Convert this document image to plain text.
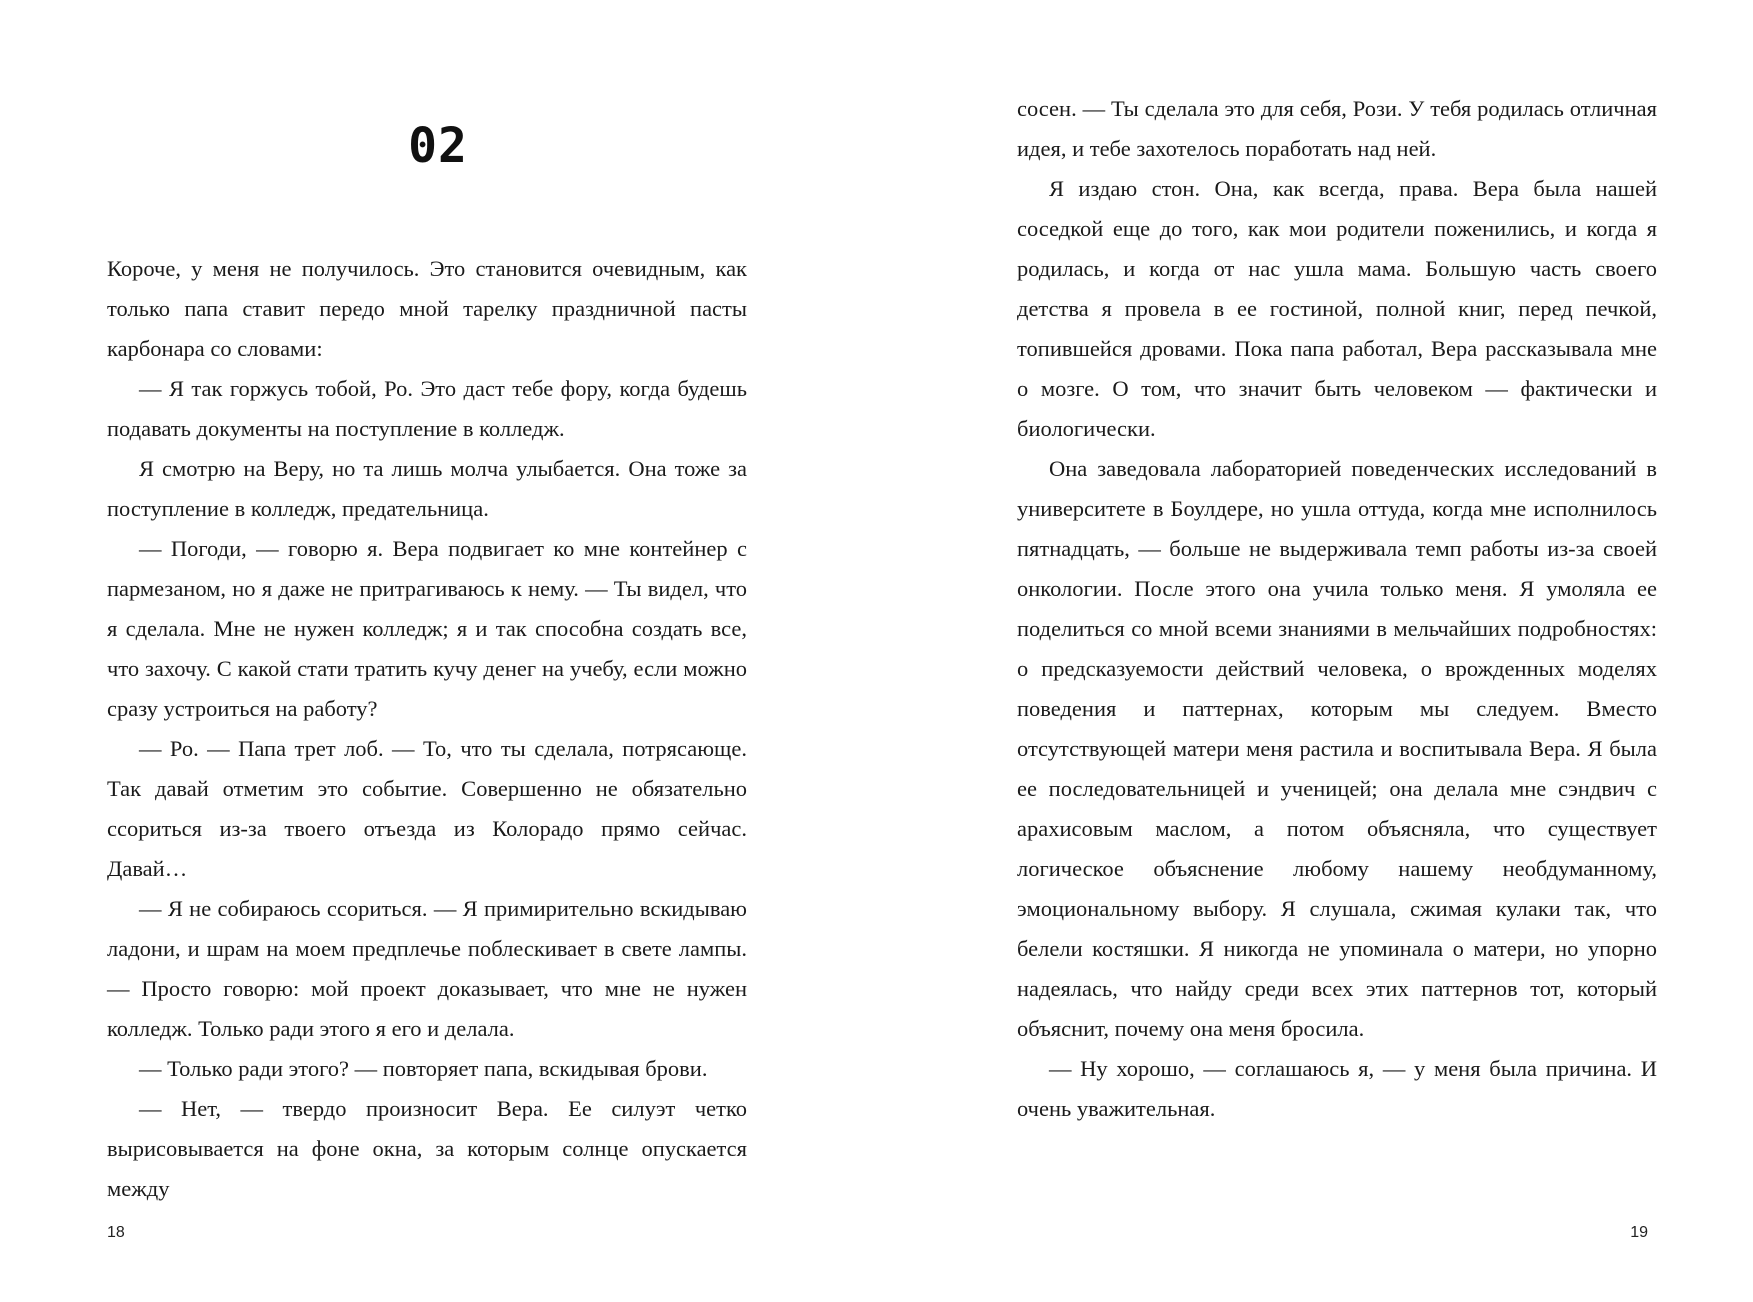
02

Короче, у меня не получилось. Это становится очевидным, как только папа ставит передо мной тарелку праздничной пасты карбонара со словами:

— Я так горжусь тобой, Ро. Это даст тебе фору, когда будешь подавать документы на поступление в колледж.

Я смотрю на Веру, но та лишь молча улыбается. Она тоже за поступление в колледж, предательница.

— Погоди, — говорю я. Вера подвигает ко мне контейнер с пармезаном, но я даже не притрагиваюсь к нему. — Ты видел, что я сделала. Мне не нужен колледж; я и так способна создать все, что захочу. С какой стати тратить кучу денег на учебу, если можно сразу устроиться на работу?

— Ро. — Папа трет лоб. — То, что ты сделала, потрясающе. Так давай отметим это событие. Совершенно не обязательно ссориться из-за твоего отъезда из Колорадо прямо сейчас. Давай…

— Я не собираюсь ссориться. — Я примирительно вскидываю ладони, и шрам на моем предплечье поблескивает в свете лампы. — Просто говорю: мой проект доказывает, что мне не нужен колледж. Только ради этого я его и делала.

— Только ради этого? — повторяет папа, вскидывая брови.

— Нет, — твердо произносит Вера. Ее силуэт четко вырисовывается на фоне окна, за которым солнце опускается между

18

сосен. — Ты сделала это для себя, Рози. У тебя родилась отличная идея, и тебе захотелось поработать над ней.

Я издаю стон. Она, как всегда, права. Вера была нашей соседкой еще до того, как мои родители поженились, и когда я родилась, и когда от нас ушла мама. Большую часть своего детства я провела в ее гостиной, полной книг, перед печкой, топившейся дровами. Пока папа работал, Вера рассказывала мне о мозге. О том, что значит быть человеком — фактически и биологически.

Она заведовала лабораторией поведенческих исследований в университете в Боулдере, но ушла оттуда, когда мне исполнилось пятнадцать, — больше не выдерживала темп работы из-за своей онкологии. После этого она учила только меня. Я умоляла ее поделиться со мной всеми знаниями в мельчайших подробностях: о предсказуемости действий человека, о врожденных моделях поведения и паттернах, которым мы следуем. Вместо отсутствующей матери меня растила и воспитывала Вера. Я была ее последовательницей и ученицей; она делала мне сэндвич с арахисовым маслом, а потом объясняла, что существует логическое объяснение любому нашему необдуманному, эмоциональному выбору. Я слушала, сжимая кулаки так, что белели костяшки. Я никогда не упоминала о матери, но упорно надеялась, что найду среди всех этих паттернов тот, который объяснит, почему она меня бросила.

— Ну хорошо, — соглашаюсь я, — у меня была причина. И очень уважительная.

19
